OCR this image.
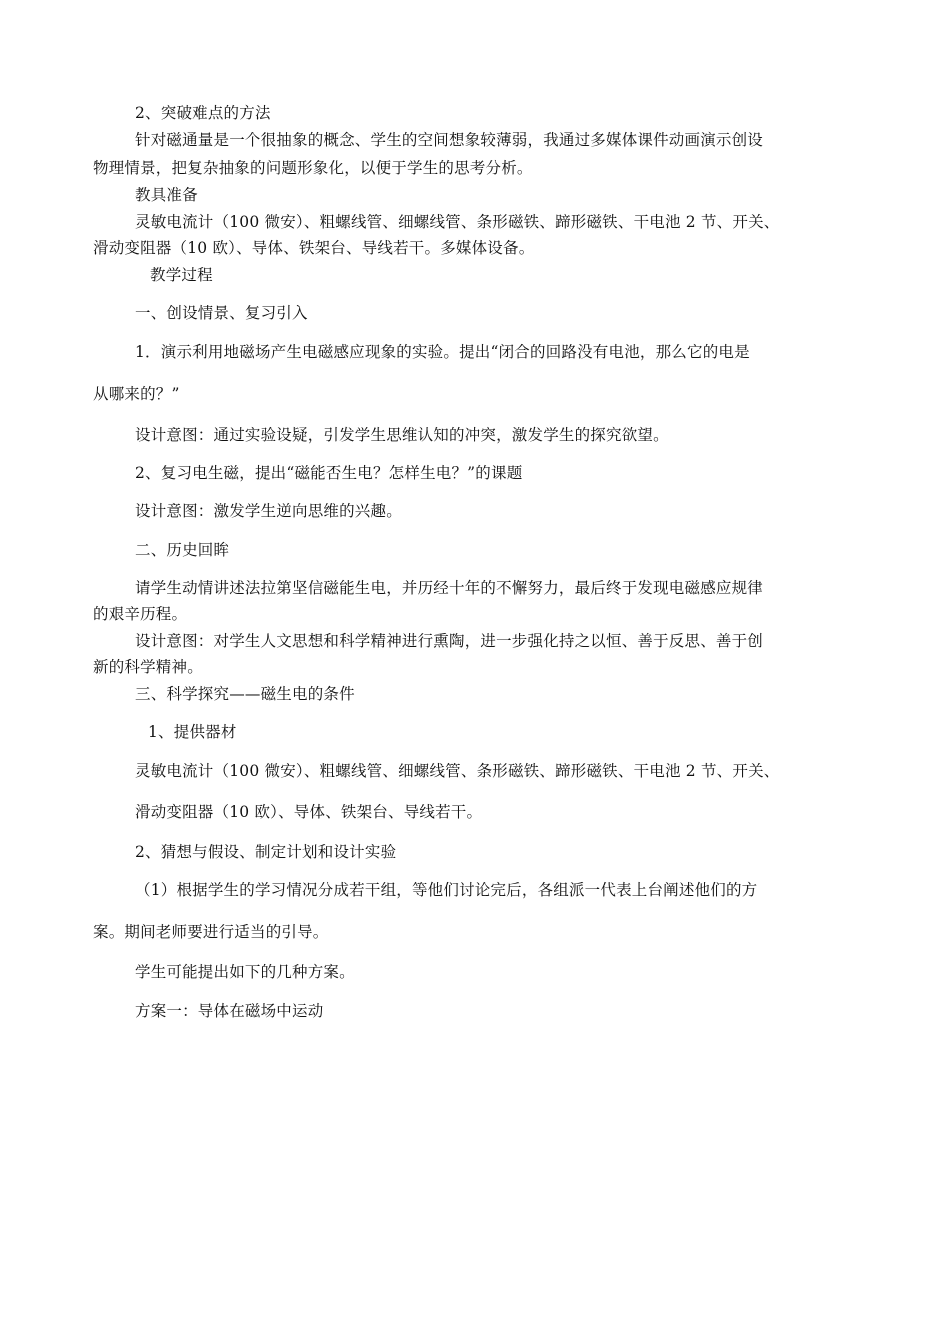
2、突破难点的方法
针对磁通量是一个很抽象的概念、学生的空间想象较薄弱，我通过多媒体课件动画演示创设
物理情景，把复杂抽象的问题形象化，以便于学生的思考分析。
教具准备
灵敏电流计（100 微安）、粗螺线管、细螺线管、条形磁铁、蹄形磁铁、干电池 2 节、开关、
滑动变阻器（10 欧）、导体、铁架台、导线若干。多媒体设备。
教学过程
一、创设情景、复习引入
1．演示利用地磁场产生电磁感应现象的实验。提出“闭合的回路没有电池，那么它的电是
从哪来的？”
设计意图：通过实验设疑，引发学生思维认知的冲突，激发学生的探究欲望。
2、复习电生磁，提出“磁能否生电？怎样生电？”的课题
设计意图：激发学生逆向思维的兴趣。
二、历史回眸
请学生动情讲述法拉第坚信磁能生电，并历经十年的不懈努力，最后终于发现电磁感应规律
的艰辛历程。
设计意图：对学生人文思想和科学精神进行熏陶，进一步强化持之以恒、善于反思、善于创
新的科学精神。
三、科学探究——磁生电的条件
1、提供器材
灵敏电流计（100 微安）、粗螺线管、细螺线管、条形磁铁、蹄形磁铁、干电池 2 节、开关、
滑动变阻器（10 欧）、导体、铁架台、导线若干。
2、猜想与假设、制定计划和设计实验
（1）根据学生的学习情况分成若干组，等他们讨论完后，各组派一代表上台阐述他们的方
案。期间老师要进行适当的引导。
学生可能提出如下的几种方案。
方案一：导体在磁场中运动
